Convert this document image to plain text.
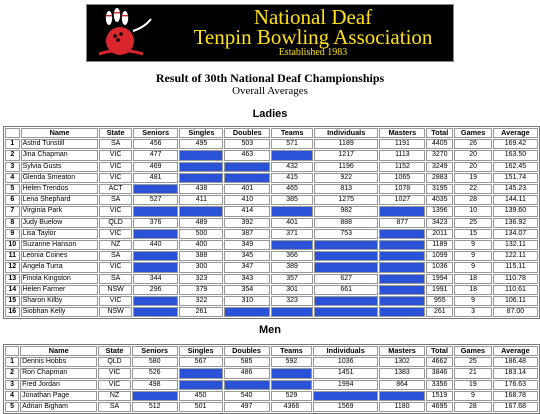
National Deaf
Tenpin Bowling Association
Established 1983
Result of 30th National Deaf Championships
Overall Averages
Ladies
	Name	State	Seniors	Singles	Doubles	Teams	Individuals	Masters	Total	Games	Average
1	Astrid Tunstill	SA	456	495	503	571	1189	1191	4405	26	169.42
2	Jina Chapman	VIC	477		463		1217	1113	3270	20	163.50
3	Sylvia Gusts	VIC	469			432	1196	1152	3249	20	162.45
4	Glenda Smeaton	VIC	481			415	922	1065	2883	19	151.74
5	Helen Trendos	ACT		438	401	465	813	1078	3195	22	145.23
6	Lena Shephard	SA	527	411	410	385	1275	1027	4035	28	144.11
7	Virginia Park	VIC			414		982		1396	10	139.60
8	Judy Buelow	QLD	376	489	392	401	888	877	3423	25	136.92
9	Lisa Taylor	VIC		500	387	371	753		2011	15	134.07
10	Suzanne Hanson	NZ	440	400	349				1189	9	132.11
11	Leonia Coines	SA		388	345	366			1099	9	122.11
12	Angela Turra	VIC		300	347	389			1036	9	115.11
13	Finola Kingston	SA	344	323	343	357	627		1994	18	110.78
14	Helen Farmer	NSW	296	379	354	301	661		1991	18	110.61
15	Sharon Kilby	VIC		322	310	323			955	9	106.11
16	Siobhan Kelly	NSW		261					261	3	87.00
Men
	Name	State	Seniors	Singles	Doubles	Teams	Individuals	Masters	Total	Games	Average
1	Dennis Hobbs	QLD	580	567	585	592	1036	1302	4662	25	186.48
2	Ron Chapman	VIC	526		486		1451	1383	3846	21	183.14
3	Fred Jordan	VIC	498				1994	864	3356	19	176.63
4	Jonathan Page	NZ		450	540	529			1519	9	168.78
5	Adrian Bigham	SA	512	501	497	4366	1569	1180	4695	28	167.68
